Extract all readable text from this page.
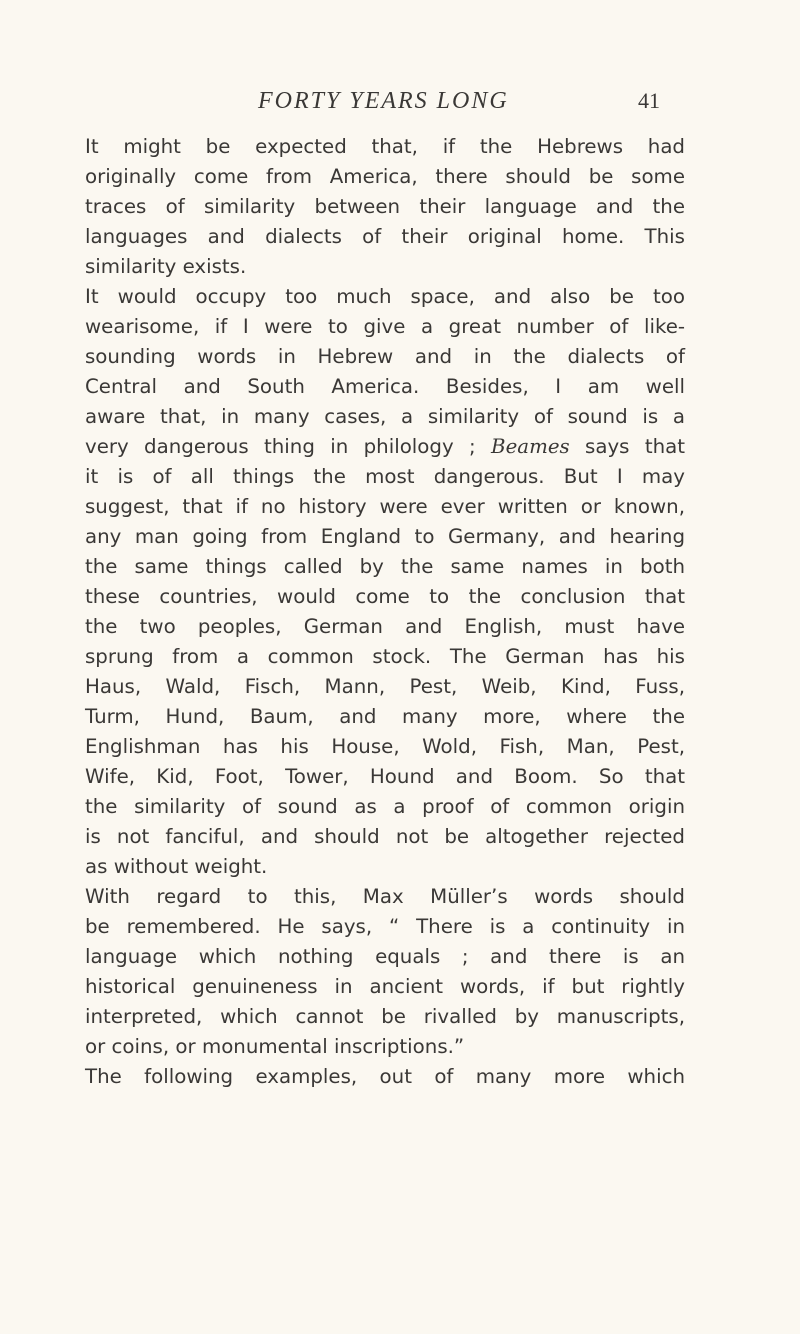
FORTY YEARS LONG	41
It might be expected that, if the Hebrews had
originally come from America, there should be some
traces of similarity between their language and the
languages and dialects of their original home. This
similarity exists.
It would occupy too much space, and also be too
wearisome, if I were to give a great number of like-
sounding words in Hebrew and in the dialects of
Central and South America. Besides, I am well
aware that, in many cases, a similarity of sound is a
very dangerous thing in philology ; Beames says that
it is of all things the most dangerous. But I may
suggest, that if no history were ever written or known,
any man going from England to Germany, and hearing
the same things called by the same names in both
these countries, would come to the conclusion that
the two peoples, German and English, must have
sprung from a common stock. The German has his
Haus, Wald, Fisch, Mann, Pest, Weib, Kind, Fuss,
Turm, Hund, Baum, and many more, where the
Englishman has his House, Wold, Fish, Man, Pest,
Wife, Kid, Foot, Tower, Hound and Boom. So that
the similarity of sound as a proof of common origin
is not fanciful, and should not be altogether rejected
as without weight.
With regard to this, Max Müller’s words should
be remembered. He says, “ There is a continuity in
language which nothing equals ; and there is an
historical genuineness in ancient words, if but rightly
interpreted, which cannot be rivalled by manuscripts,
or coins, or monumental inscriptions.”
The following examples, out of many more which
